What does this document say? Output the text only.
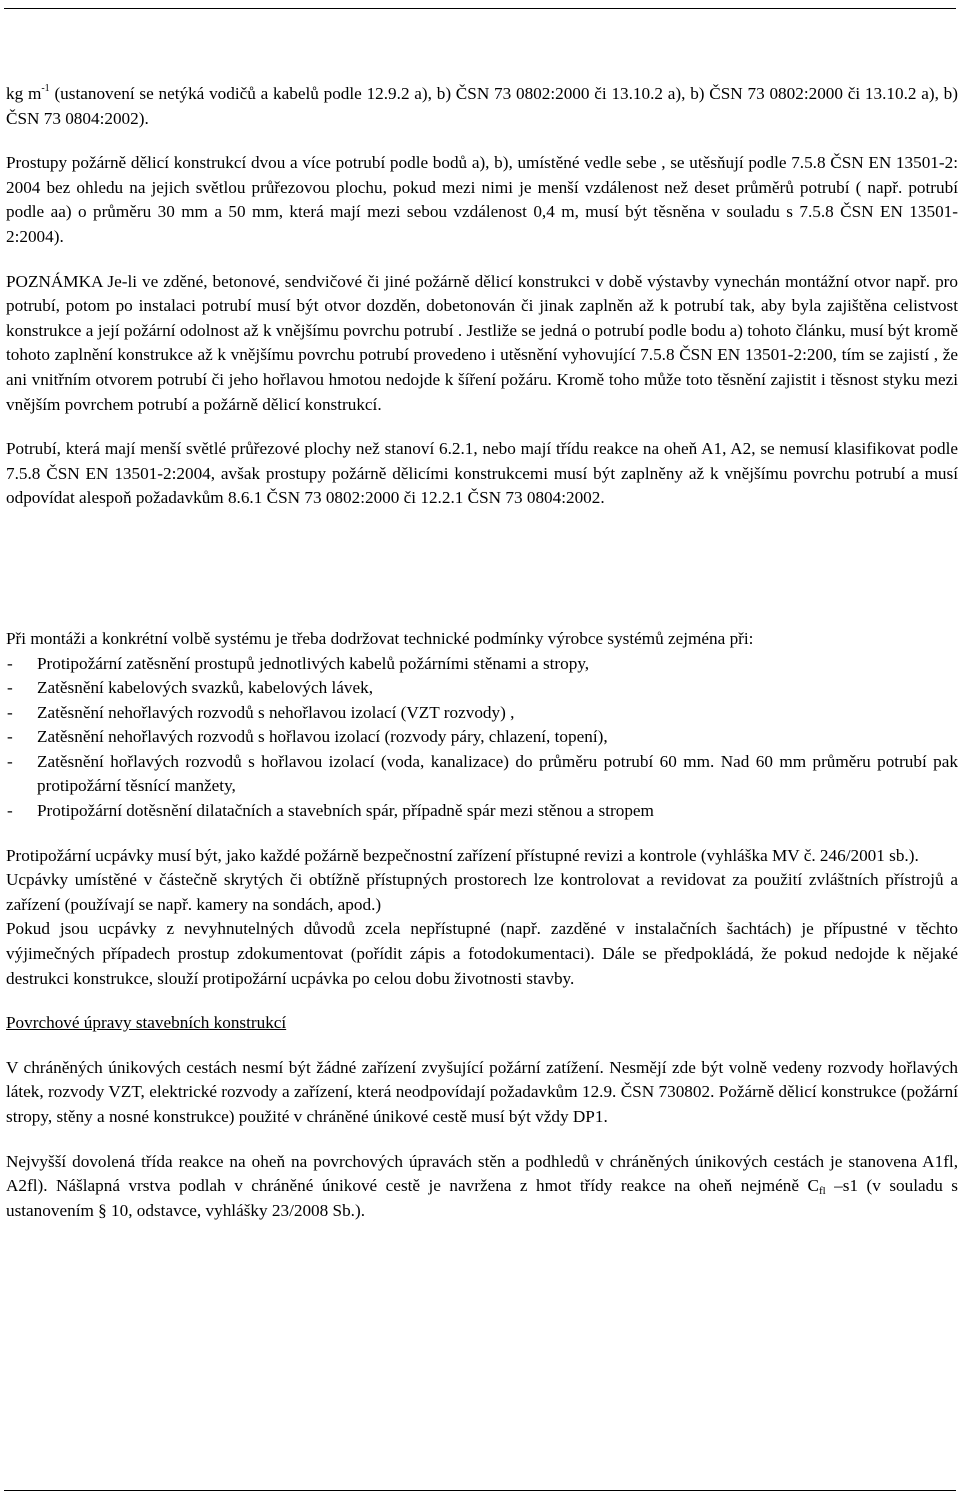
kg $m^{-1}$ (ustanovení se netýká vodičů a kabelů podle 12.9.2 a), b) ČSN 73 0802:2000 či 13.10.2 a), b) ČSN 73 0802:2000 či 13.10.2 a), b) ČSN 73 0804:2002).

Prostupy požárně dělicí konstrukcí dvou a více potrubí podle bodů a), b), umístěné vedle sebe , se utěsňují podle 7.5.8 ČSN EN 13501-2: 2004 bez ohledu na jejich světlou průřezovou plochu, pokud mezi nimi je menší vzdálenost než deset průměrů potrubí ( např. potrubí podle aa) o průměru 30 mm a 50 mm, která mají mezi sebou vzdálenost 0,4 m, musí být těsněna v souladu s 7.5.8 ČSN EN 13501-2:2004).

POZNÁMKA Je-li ve zděné, betonové, sendvičové či jiné požárně dělicí konstrukci v době výstavby vynechán montážní otvor např. pro potrubí, potom po instalaci potrubí musí být otvor dozděn, dobetonován či jinak zaplněn až k potrubí tak, aby byla zajištěna celistvost konstrukce a její požární odolnost až k vnějšímu povrchu potrubí . Jestliže se jedná o potrubí podle bodu a) tohoto článku, musí být kromě tohoto zaplnění konstrukce až k vnějšímu povrchu potrubí provedeno i utěsnění vyhovující 7.5.8 ČSN EN 13501-2:200, tím se zajistí , že ani vnitřním otvorem potrubí či jeho hořlavou hmotou nedojde k šíření požáru. Kromě toho může toto těsnění zajistit i těsnost styku mezi vnějším povrchem potrubí a požárně dělicí konstrukcí.

Potrubí, která mají menší světlé průřezové plochy než stanoví 6.2.1, nebo mají třídu reakce na oheň A1, A2, se nemusí klasifikovat podle 7.5.8 ČSN EN 13501-2:2004, avšak prostupy požárně dělicími konstrukcemi musí být zaplněny až k vnějšímu povrchu potrubí a musí odpovídat alespoň požadavkům 8.6.1 ČSN 73 0802:2000 či 12.2.1 ČSN 73 0804:2002.

Při montáži a konkrétní volbě systému je třeba dodržovat technické podmínky výrobce systémů zejména při:

- Protipožární zatěsnění prostupů jednotlivých kabelů požárními stěnami a stropy,
- Zatěsnění kabelových svazků, kabelových lávek,
- Zatěsnění nehořlavých rozvodů s nehořlavou izolací (VZT rozvody) ,
- Zatěsnění nehořlavých rozvodů s hořlavou izolací (rozvody páry, chlazení, topení),
- Zatěsnění hořlavých rozvodů s hořlavou izolací (voda, kanalizace) do průměru potrubí 60 mm. Nad 60 mm průměru potrubí pak protipožární těsnící manžety,
- Protipožární dotěsnění dilatačních a stavebních spár, případně spár mezi stěnou a stropem

Protipožární ucpávky musí být, jako každé požárně bezpečnostní zařízení přístupné revizi a kontrole (vyhláška MV č. 246/2001 sb.).

Ucpávky umístěné v částečně skrytých či obtížně přístupných prostorech lze kontrolovat a revidovat za použití zvláštních přístrojů a zařízení (používají se např. kamery na sondách, apod.)

Pokud jsou ucpávky z nevyhnutelných důvodů zcela nepřístupné (např. zazděné v instalačních šachtách) je přípustné v těchto výjimečných případech prostup zdokumentovat (pořídit zápis a fotodokumentaci). Dále se předpokládá, že pokud nedojde k nějaké destrukci konstrukce, slouží protipožární ucpávka po celou dobu životnosti stavby.

Povrchové úpravy stavebních konstrukcí

V chráněných únikových cestách nesmí být žádné zařízení zvyšující požární zatížení. Nesmějí zde být volně vedeny rozvody hořlavých látek, rozvody VZT, elektrické rozvody a zařízení, která neodpovídají požadavkům 12.9. ČSN 730802. Požárně dělicí konstrukce (požární stropy, stěny a nosné konstrukce) použité v chráněné únikové cestě musí být vždy DP1.

Nejvyšší dovolená třída reakce na oheň na povrchových úpravách stěn a podhledů v chráněných únikových cestách je stanovena A1fl, A2fl). Nášlapná vrstva podlah v chráněné únikové cestě je navržena z hmot třídy reakce na oheň nejméně $C_{fl}$ –s1 (v souladu s ustanovením § 10, odstavce, vyhlášky 23/2008 Sb.).
